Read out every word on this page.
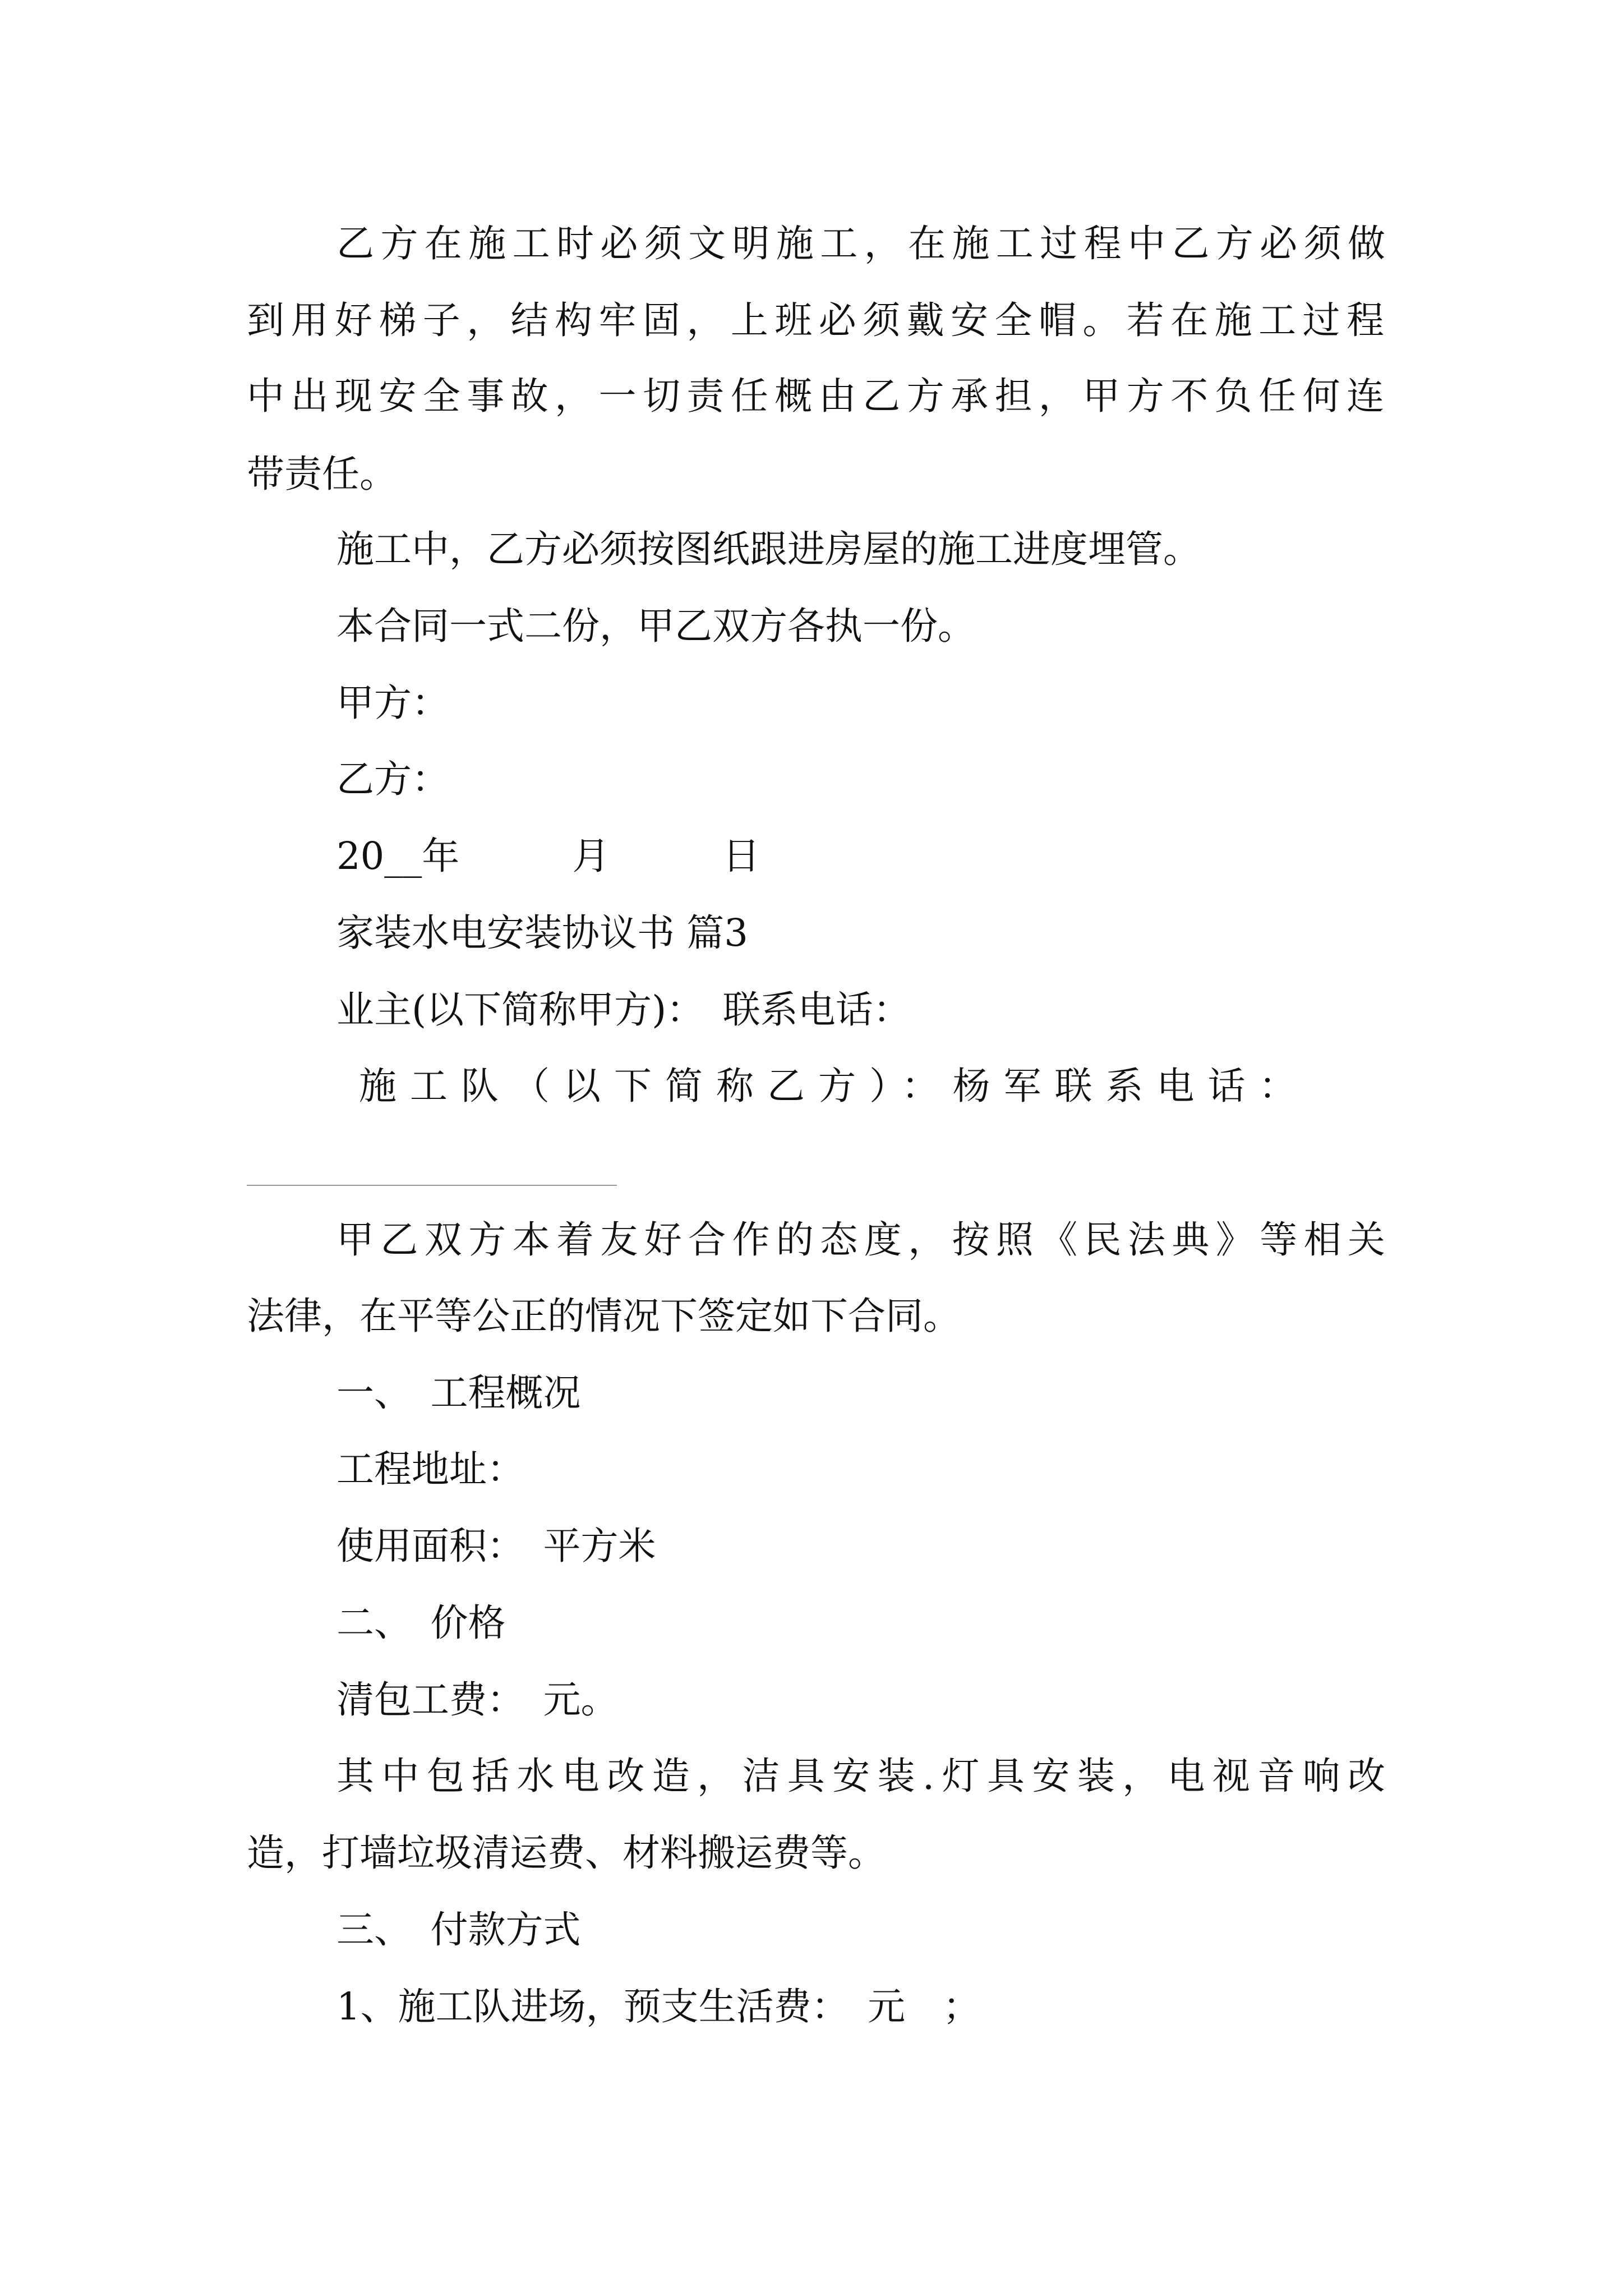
乙方在施工时必须文明施工，在施工过程中乙方必须做
到用好梯子，结构牢固，上班必须戴安全帽。若在施工过程
中出现安全事故，一切责任概由乙方承担，甲方不负任何连
带责任。
施工中，乙方必须按图纸跟进房屋的施工进度埋管。
本合同一式二份，甲乙双方各执一份。
甲方：
乙方：
20__年　　　月　　　日
家装水电安装协议书 篇3
业主(以下简称甲方)：　联系电话：
施工队（以下简称乙方）：杨军联系电话：
甲乙双方本着友好合作的态度，按照《民法典》等相关
法律，在平等公正的情况下签定如下合同。
一、　工程概况
工程地址：
使用面积：　平方米
二、　价格
清包工费：　元。
其中包括水电改造，洁具安装.灯具安装，电视音响改
造，打墙垃圾清运费、材料搬运费等。
三、　付款方式
1、施工队进场，预支生活费：　元　；
